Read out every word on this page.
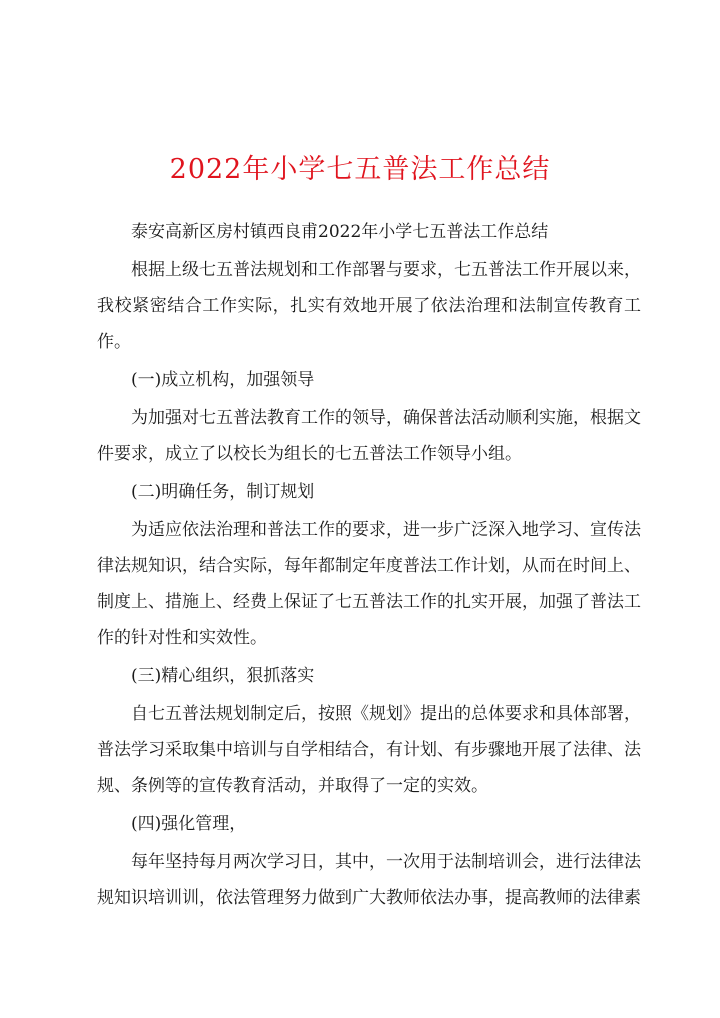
2022年小学七五普法工作总结

泰安高新区房村镇西良甫2022年小学七五普法工作总结

根据上级七五普法规划和工作部署与要求，七五普法工作开展以来，我校紧密结合工作实际，扎实有效地开展了依法治理和法制宣传教育工作。

(一)成立机构，加强领导

为加强对七五普法教育工作的领导，确保普法活动顺利实施，根据文件要求，成立了以校长为组长的七五普法工作领导小组。

(二)明确任务，制订规划

为适应依法治理和普法工作的要求，进一步广泛深入地学习、宣传法律法规知识，结合实际，每年都制定年度普法工作计划，从而在时间上、制度上、措施上、经费上保证了七五普法工作的扎实开展，加强了普法工作的针对性和实效性。

(三)精心组织，狠抓落实

自七五普法规划制定后，按照《规划》提出的总体要求和具体部署，普法学习采取集中培训与自学相结合，有计划、有步骤地开展了法律、法规、条例等的宣传教育活动，并取得了一定的实效。

(四)强化管理，

每年坚持每月两次学习日，其中，一次用于法制培训会，进行法律法规知识培训训，依法管理努力做到广大教师依法办事，提高教师的法律素
